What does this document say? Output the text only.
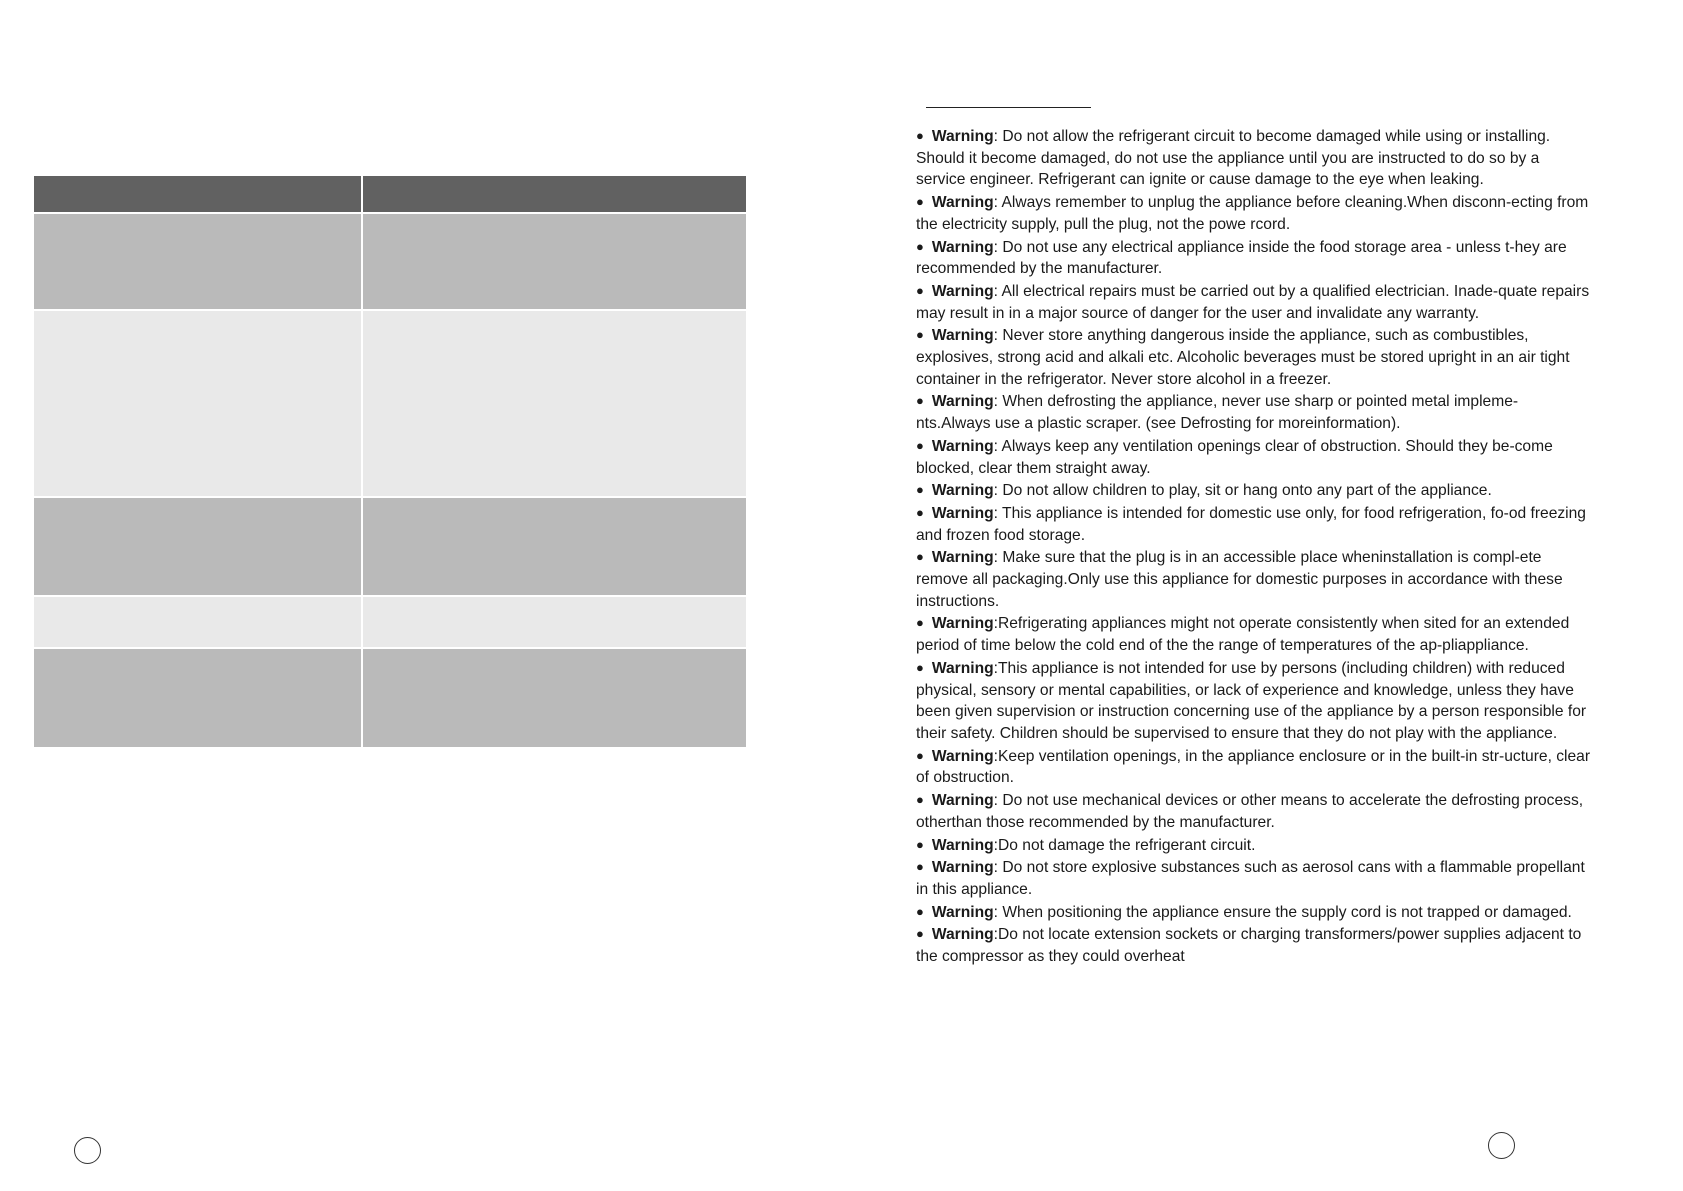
● Warning: Do not allow the refrigerant circuit to become damaged while using or installing. Should it become damaged, do not use the appliance until you are instructed to do so by a service engineer. Refrigerant can ignite or cause damage to the eye when leaking.
● Warning: Always remember to unplug the appliance before cleaning.When disconn-ecting from the electricity supply, pull the plug, not the powe rcord.
● Warning: Do not use any electrical appliance inside the food storage area - unless t-hey are recommended by the manufacturer.
● Warning: All electrical repairs must be carried out by a qualified electrician. Inade-quate repairs may result in in a major source of danger for the user and invalidate any warranty.
● Warning: Never store anything dangerous inside the appliance, such as combustibles, explosives, strong acid and alkali etc. Alcoholic beverages must be stored upright in an air tight container in the refrigerator. Never store alcohol in a freezer.
● Warning: When defrosting the appliance, never use sharp or pointed metal impleme-nts.Always use a plastic scraper. (see Defrosting for moreinformation).
● Warning: Always keep any ventilation openings clear of obstruction. Should they be-come blocked, clear them straight away.
● Warning: Do not allow children to play, sit or hang onto any part of the appliance.
● Warning: This appliance is intended for domestic use only, for food refrigeration, fo-od freezing and frozen food storage.
● Warning: Make sure that the plug is in an accessible place wheninstallation is compl-ete remove all packaging.Only use this appliance for domestic purposes in accordance with these instructions.
● Warning:Refrigerating appliances might not operate consistently when sited for an extended period of time below the cold end of the the range of temperatures of the ap-pliappliance.
● Warning:This appliance is not intended for use by persons (including children) with reduced physical, sensory or mental capabilities, or lack of experience and knowledge, unless they have been given supervision or instruction concerning use of the appliance by a person responsible for their safety. Children should be supervised to ensure that they do not play with the appliance.
● Warning:Keep ventilation openings, in the appliance enclosure or in the built-in str-ucture, clear of obstruction.
● Warning: Do not use mechanical devices or other means to accelerate the defrosting process, otherthan those recommended by the manufacturer.
● Warning:Do not damage the refrigerant circuit.
● Warning: Do not store explosive substances such as aerosol cans with a flammable propellant in this appliance.
● Warning: When positioning the appliance ensure the supply cord is not trapped or damaged.
● Warning:Do not locate extension sockets or charging transformers/power supplies adjacent to the compressor as they could overheat
